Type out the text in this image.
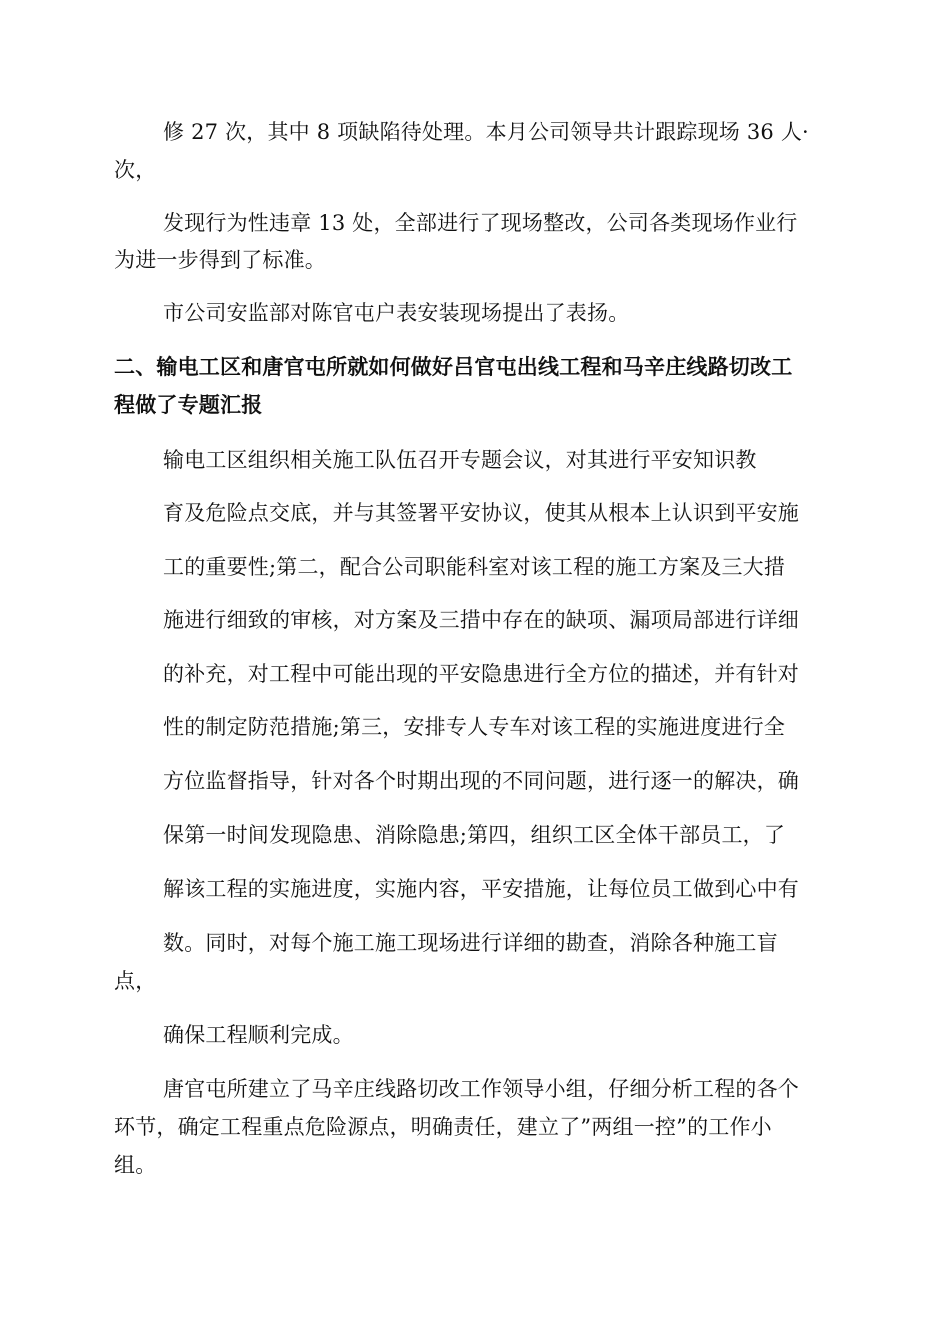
修 27 次，其中 8 项缺陷待处理。本月公司领导共计跟踪现场 36 人·
次，
发现行为性违章 13 处，全部进行了现场整改，公司各类现场作业行
为进一步得到了标准。
市公司安监部对陈官屯户表安装现场提出了表扬。
二、输电工区和唐官屯所就如何做好吕官屯出线工程和马辛庄线路切改工
程做了专题汇报
输电工区组织相关施工队伍召开专题会议，对其进行平安知识教
育及危险点交底，并与其签署平安协议，使其从根本上认识到平安施
工的重要性;第二，配合公司职能科室对该工程的施工方案及三大措
施进行细致的审核，对方案及三措中存在的缺项、漏项局部进行详细
的补充，对工程中可能出现的平安隐患进行全方位的描述，并有针对
性的制定防范措施;第三，安排专人专车对该工程的实施进度进行全
方位监督指导，针对各个时期出现的不同问题，进行逐一的解决，确
保第一时间发现隐患、消除隐患;第四，组织工区全体干部员工，了
解该工程的实施进度，实施内容，平安措施，让每位员工做到心中有
数。同时，对每个施工施工现场进行详细的勘查，消除各种施工盲
点，
确保工程顺利完成。
唐官屯所建立了马辛庄线路切改工作领导小组，仔细分析工程的各个
环节，确定工程重点危险源点，明确责任，建立了”两组一控”的工作小
组。
